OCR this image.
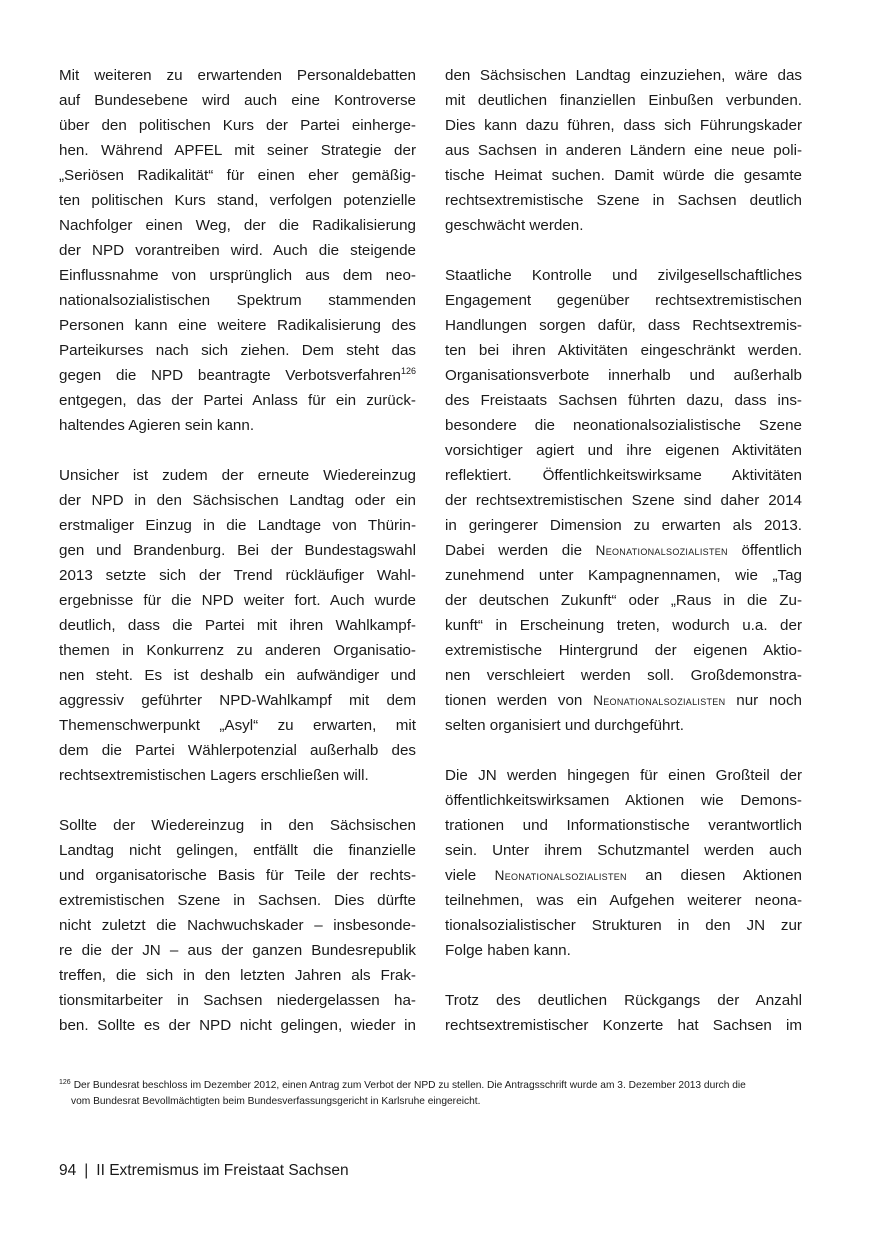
Mit weiteren zu erwartenden Personaldebatten
auf Bundesebene wird auch eine Kontroverse
über den politischen Kurs der Partei einherge-
hen. Während APFEL mit seiner Strategie der
„Seriösen Radikalität“ für einen eher gemäßig-
ten politischen Kurs stand, verfolgen potenzielle
Nachfolger einen Weg, der die Radikalisierung
der NPD vorantreiben wird. Auch die steigende
Einflussnahme von ursprünglich aus dem neo-
nationalsozialistischen Spektrum stammenden
Personen kann eine weitere Radikalisierung des
Parteikurses nach sich ziehen. Dem steht das
gegen die NPD beantragte Verbotsverfahren$^{126}$
entgegen, das der Partei Anlass für ein zurück-
haltendes Agieren sein kann.
Unsicher ist zudem der erneute Wiedereinzug
der NPD in den Sächsischen Landtag oder ein
erstmaliger Einzug in die Landtage von Thürin-
gen und Brandenburg. Bei der Bundestagswahl
2013 setzte sich der Trend rückläufiger Wahl-
ergebnisse für die NPD weiter fort. Auch wurde
deutlich, dass die Partei mit ihren Wahlkampf-
themen in Konkurrenz zu anderen Organisatio-
nen steht. Es ist deshalb ein aufwändiger und
aggressiv geführter NPD-Wahlkampf mit dem
Themenschwerpunkt „Asyl“ zu erwarten, mit
dem die Partei Wählerpotenzial außerhalb des
rechtsextremistischen Lagers erschließen will.
Sollte der Wiedereinzug in den Sächsischen
Landtag nicht gelingen, entfällt die finanzielle
und organisatorische Basis für Teile der rechts-
extremistischen Szene in Sachsen. Dies dürfte
nicht zuletzt die Nachwuchskader – insbesonde-
re die der JN – aus der ganzen Bundesrepublik
treffen, die sich in den letzten Jahren als Frak-
tionsmitarbeiter in Sachsen niedergelassen ha-
ben. Sollte es der NPD nicht gelingen, wieder in
den Sächsischen Landtag einzuziehen, wäre das
mit deutlichen finanziellen Einbußen verbunden.
Dies kann dazu führen, dass sich Führungskader
aus Sachsen in anderen Ländern eine neue poli-
tische Heimat suchen. Damit würde die gesamte
rechtsextremistische Szene in Sachsen deutlich
geschwächt werden.
Staatliche Kontrolle und zivilgesellschaftliches
Engagement gegenüber rechtsextremistischen
Handlungen sorgen dafür, dass Rechtsextremis-
ten bei ihren Aktivitäten eingeschränkt werden.
Organisationsverbote innerhalb und außerhalb
des Freistaats Sachsen führten dazu, dass ins-
besondere die neonationalsozialistische Szene
vorsichtiger agiert und ihre eigenen Aktivitäten
reflektiert. Öffentlichkeitswirksame Aktivitäten
der rechtsextremistischen Szene sind daher 2014
in geringerer Dimension zu erwarten als 2013.
Dabei werden die Neonationalsozialisten öffentlich
zunehmend unter Kampagnennamen, wie „Tag
der deutschen Zukunft“ oder „Raus in die Zu-
kunft“ in Erscheinung treten, wodurch u.a. der
extremistische Hintergrund der eigenen Aktio-
nen verschleiert werden soll. Großdemonstra-
tionen werden von Neonationalsozialisten nur noch
selten organisiert und durchgeführt.
Die JN werden hingegen für einen Großteil der
öffentlichkeitswirksamen Aktionen wie Demons-
trationen und Informationstische verantwortlich
sein. Unter ihrem Schutzmantel werden auch
viele Neonationalsozialisten an diesen Aktionen
teilnehmen, was ein Aufgehen weiterer neona-
tionalsozialistischer Strukturen in den JN zur
Folge haben kann.
Trotz des deutlichen Rückgangs der Anzahl
rechtsextremistischer Konzerte hat Sachsen im
$^{126}$ Der Bundesrat beschloss im Dezember 2012, einen Antrag zum Verbot der NPD zu stellen. Die Antragsschrift wurde am 3. Dezember 2013 durch die
vom Bundesrat Bevollmächtigten beim Bundesverfassungsgericht in Karlsruhe eingereicht.
94 | II Extremismus im Freistaat Sachsen
